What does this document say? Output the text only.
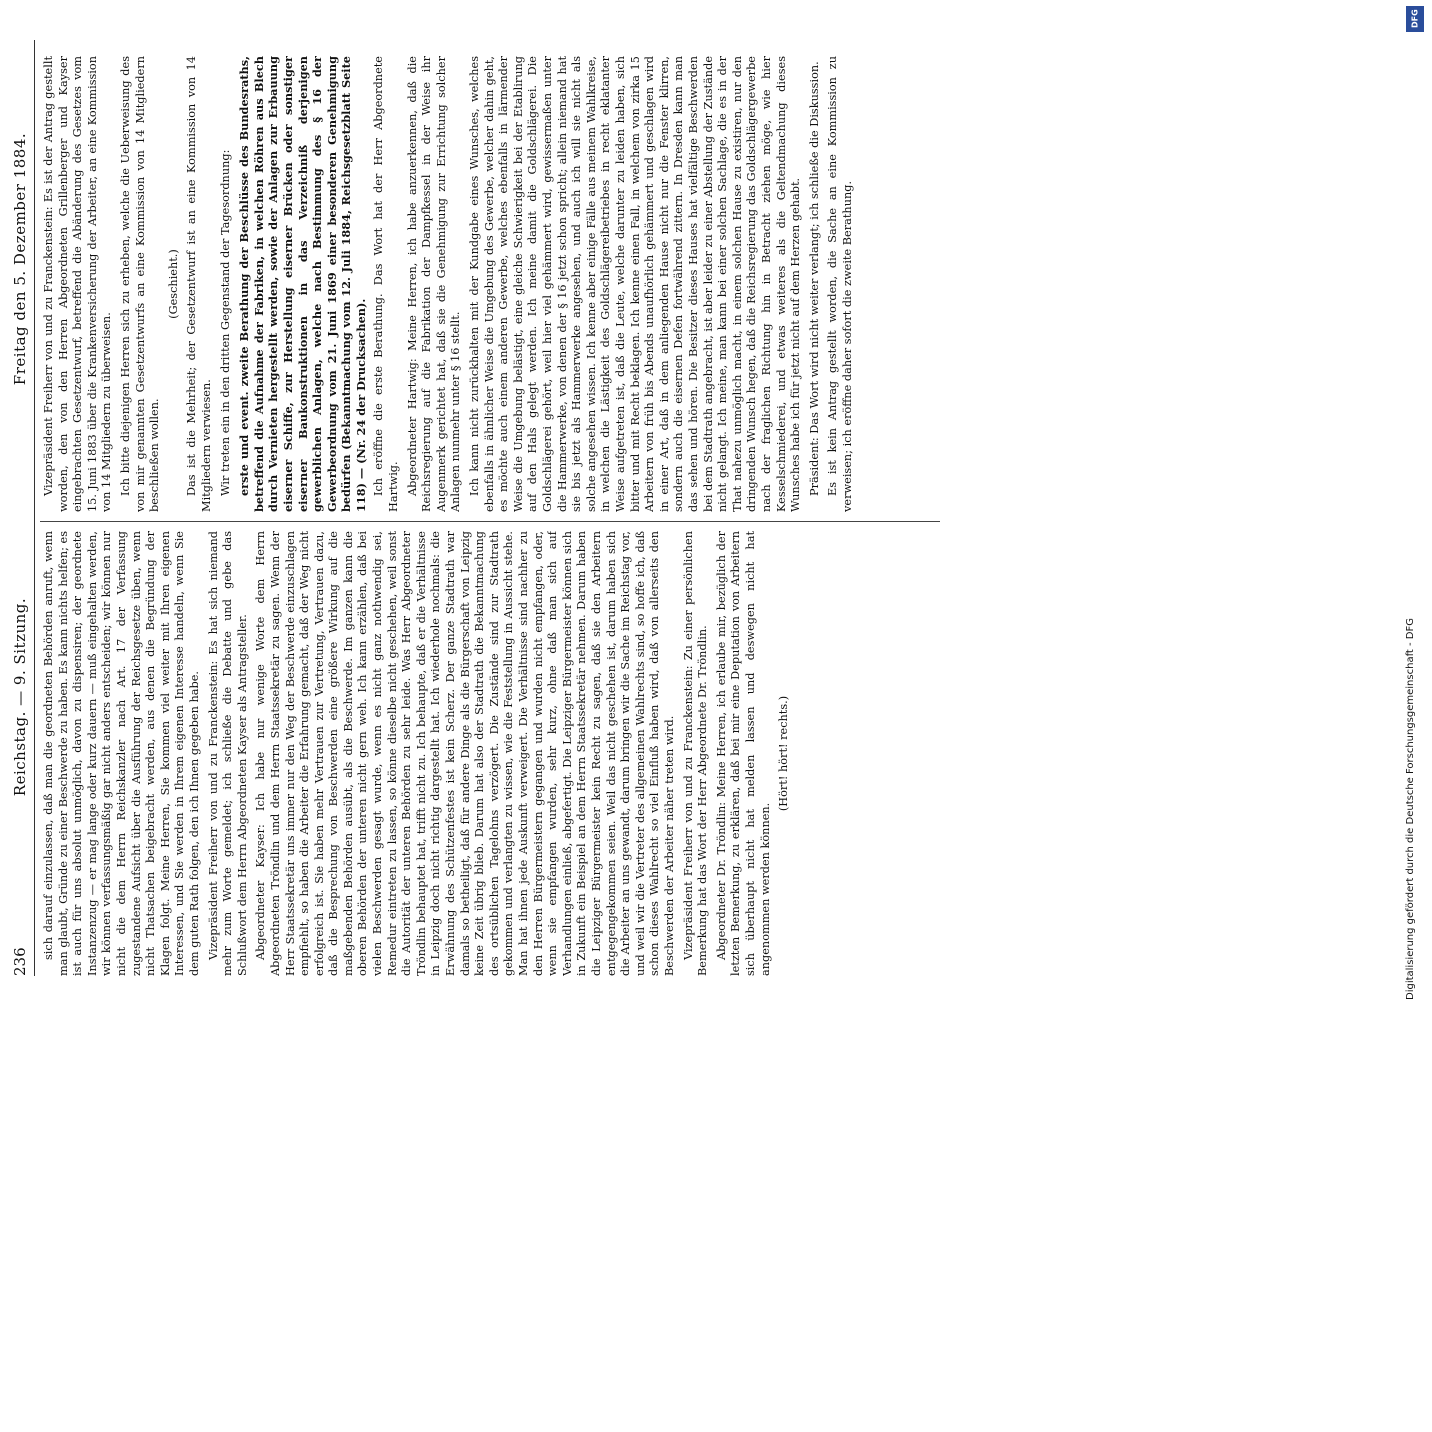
236
Reichstag. — 9. Sitzung.
Freitag den 5. Dezember 1884.

sich darauf einzulassen, daß man die geordneten Behörden anruft, wenn man glaubt, Gründe zu einer Beschwerde zu haben. Es kann nichts helfen; es ist auch für uns absolut unmöglich, davon zu dispensiren; der geordnete Instanzenzug — er mag lange oder kurz dauern — muß eingehalten werden, wir können verfassungsmäßig gar nicht anders entscheiden; wir können nur nicht die dem Herrn Reichskanzler nach Art. 17 der Verfassung zugestandene Aufsicht über die Ausführung der Reichsgesetze üben, wenn nicht Thatsachen beigebracht werden, aus denen die Begründung der Klagen folgt. Meine Herren, Sie kommen viel weiter mit Ihren eigenen Interessen, und Sie werden in Ihrem eigenen Interesse handeln, wenn Sie dem guten Rath folgen, den ich Ihnen gegeben habe. Vizepräsident Freiherr von und zu Franckenstein: Es hat sich niemand mehr zum Worte gemeldet; ich schließe die Debatte und gebe das Schlußwort dem Herrn Abgeordneten Kayser als Antragsteller. Abgeordneter Kayser: Ich habe nur wenige Worte dem Herrn Abgeordneten Tröndlin und dem Herrn Staatssekretär zu sagen. Wenn der Herr Staatssekretär uns immer nur den Weg der Beschwerde einzuschlagen empfiehlt, so haben die Arbeiter die Erfahrung gemacht, daß der Weg nicht erfolgreich ist. Sie haben mehr Vertrauen zur Vertretung, Vertrauen dazu, daß die Besprechung von Beschwerden eine größere Wirkung auf die maßgebenden Behörden ausübt, als die Beschwerde. Im ganzen kann die oberen Behörden der unteren nicht gern weh. Ich kann erzählen, daß bei vielen Beschwerden gesagt wurde, wenn es nicht ganz nothwendig sei, Remedur eintreten zu lassen, so könne dieselbe nicht geschehen, weil sonst die Autorität der unteren Behörden zu sehr leide. Was Herr Abgeordneter Tröndlin behauptet hat, trifft nicht zu. Ich behaupte, daß er die Verhältnisse in Leipzig doch nicht richtig dargestellt hat. Ich wiederhole nochmals: die Erwähnung des Schützenfestes ist kein Scherz. Der ganze Stadtrath war damals so betheiligt, daß für andere Dinge als die Bürgerschaft von Leipzig keine Zeit übrig blieb. Darum hat also der Stadtrath die Bekanntmachung des ortsüblichen Tagelohns verzögert. Die Zustände sind zur Stadtrath gekommen und verlangten zu wissen, wie die Feststellung in Aussicht stehe. Man hat ihnen jede Auskunft verweigert. Die Verhältnisse sind nachher zu den Herren Bürgermeistern gegangen und wurden nicht empfangen, oder, wenn sie empfangen wurden, sehr kurz, ohne daß man sich auf Verhandlungen einließ, abgefertigt. Die Leipziger Bürgermeister können sich in Zukunft ein Beispiel an dem Herrn Staatssekretär nehmen. Darum haben die Leipziger Bürgermeister kein Recht zu sagen, daß sie den Arbeitern entgegengekommen seien. Weil das nicht geschehen ist, darum haben sich die Arbeiter an uns gewandt, darum bringen wir die Sache im Reichstag vor, und weil wir die Vertreter des allgemeinen Wahlrechts sind, so hoffe ich, daß schon dieses Wahlrecht so viel Einfluß haben wird, daß von allerseits den Beschwerden der Arbeiter näher treten wird. Vizepräsident Freiherr von und zu Franckenstein: Zu einer persönlichen Bemerkung hat das Wort der Herr Abgeordnete Dr. Tröndlin. Abgeordneter Dr. Tröndlin: Meine Herren, ich erlaube mir, bezüglich der letzten Bemerkung, zu erklären, daß bei mir eine Deputation von Arbeitern sich überhaupt nicht hat melden lassen und deswegen nicht hat angenommen werden können.

(Hört! hört! rechts.)

Vizepräsident Freiherr von und zu Franckenstein: Es ist der Antrag gestellt worden, den von den Herren Abgeordneten Grillenberger und Kayser eingebrachten Gesetzentwurf, betreffend die Abänderung des Gesetzes vom 15. Juni 1883 über die Krankenversicherung der Arbeiter, an eine Kommission von 14 Mitgliedern zu überweisen. Ich bitte diejenigen Herren sich zu erheben, welche die Ueberweisung des von mir genannten Gesetzentwurfs an eine Kommission von 14 Mitgliedern beschließen wollen.

(Geschieht.) Das ist die Mehrheit; der Gesetzentwurf ist an eine Kommission von 14 Mitgliedern verwiesen. Wir treten ein in den dritten Gegenstand der Tagesordnung: erste und event. zweite Berathung der Beschlüsse des Bundesraths, betreffend die Aufnahme der Fabriken, in welchen Röhren aus Blech durch Vernieten hergestellt werden, sowie der Anlagen zur Erbauung eiserner Schiffe, zur Herstellung eiserner Brücken oder sonstiger eiserner Baukonstruktionen in das Verzeichniß derjenigen gewerblichen Anlagen, welche nach Bestimmung des § 16 der Gewerbeordnung vom 21. Juni 1869 einer besonderen Genehmigung bedürfen (Bekanntmachung vom 12. Juli 1884, Reichsgesetzblatt Seite 118) — (Nr. 24 der Drucksachen). Ich eröffne die erste Berathung. Das Wort hat der Herr Abgeordnete Hartwig. Abgeordneter Hartwig: Meine Herren, ich habe anzuerkennen, daß die Reichsregierung auf die Fabrikation der Dampfkessel in der Weise ihr Augenmerk gerichtet hat, daß sie die Genehmigung zur Errichtung solcher Anlagen nunmehr unter § 16 stellt. Ich kann nicht zurückhalten mit der Kundgabe eines Wunsches, welches ebenfalls in ähnlicher Weise die Umgebung des Gewerbe, welcher dahin geht, es möchte auch einem anderen Gewerbe, welches ebenfalls in lärmender Weise die Umgebung belästigt, eine gleiche Schwierigkeit bei der Etablirung auf den Hals gelegt werden. Ich meine damit die Goldschlägerei. Die Goldschlägerei gehört, weil hier viel gehämmert wird, gewissermaßen unter die Hammerwerke, von denen der § 16 jetzt schon spricht; allein niemand hat sie bis jetzt als Hammerwerke angesehen, und auch ich will sie nicht als solche angesehen wissen. Ich kenne aber einige Fälle aus meinem Wahlkreise, in welchen die Lästigkeit des Goldschlägereibetriebes in recht eklatanter Weise aufgetreten ist, daß die Leute, welche darunter zu leiden haben, sich bitter und mit Recht beklagen. Ich kenne einen Fall, in welchem von zirka 15 Arbeitern von früh bis Abends unaufhörlich gehämmert und geschlagen wird in einer Art, daß in dem anliegenden Hause nicht nur die Fenster klirren, sondern auch die eisernen Defen fortwährend zittern. In Dresden kann man das sehen und hören. Die Besitzer dieses Hauses hat vielfältige Beschwerden bei dem Stadtrath angebracht, ist aber leider zu einer Abstellung der Zustände nicht gelangt. Ich meine, man kann bei einer solchen Sachlage, die es in der That nahezu unmöglich macht, in einem solchen Hause zu existiren, nur den dringenden Wunsch hegen, daß die Reichsregierung das Goldschlägergewerbe nach der fraglichen Richtung hin in Betracht ziehen möge, wie hier Kesselschmiederei, und etwas weiteres als die Geltendmachung dieses Wunsches habe ich für jetzt nicht auf dem Herzen gehabt. Präsident: Das Wort wird nicht weiter verlangt; ich schließe die Diskussion. Es ist kein Antrag gestellt worden, die Sache an eine Kommission zu verweisen; ich eröffne daher sofort die zweite Berathung.

DFG
Digitalisierung gefördert durch die Deutsche Forschungsgemeinschaft - DFG
